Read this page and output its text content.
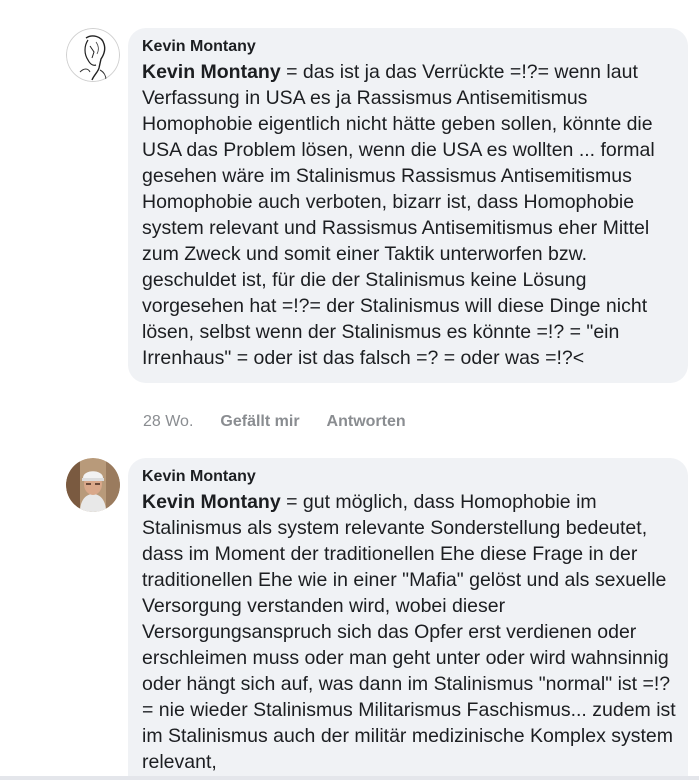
Kevin Montany
Kevin Montany = das ist ja das Verrückte =!?= wenn laut Verfassung in USA es ja Rassismus Antisemitismus Homophobie eigentlich nicht hätte geben sollen, könnte die USA das Problem lösen, wenn die USA es wollten ... formal gesehen wäre im Stalinismus Rassismus Antisemitismus Homophobie auch verboten, bizarr ist, dass Homophobie system relevant und Rassismus Antisemitismus eher Mittel zum Zweck und somit einer Taktik unterworfen bzw. geschuldet ist, für die der Stalinismus keine Lösung vorgesehen hat =!?= der Stalinismus will diese Dinge nicht lösen, selbst wenn der Stalinismus es könnte =!? = "ein Irrenhaus" = oder ist das falsch =? = oder was =!?<
28 Wo. Gefällt mir Antworten
Kevin Montany
Kevin Montany = gut möglich, dass Homophobie im Stalinismus als system relevante Sonderstellung bedeutet, dass im Moment der traditionellen Ehe diese Frage in der traditionellen Ehe wie in einer "Mafia" gelöst und als sexuelle Versorgung verstanden wird, wobei dieser Versorgungsanspruch sich das Opfer erst verdienen oder erschleimen muss oder man geht unter oder wird wahnsinnig oder hängt sich auf, was dann im Stalinismus "normal" ist =!? = nie wieder Stalinismus Militarismus Faschismus... zudem ist im Stalinismus auch der militär medizinische Komplex system relevant,
